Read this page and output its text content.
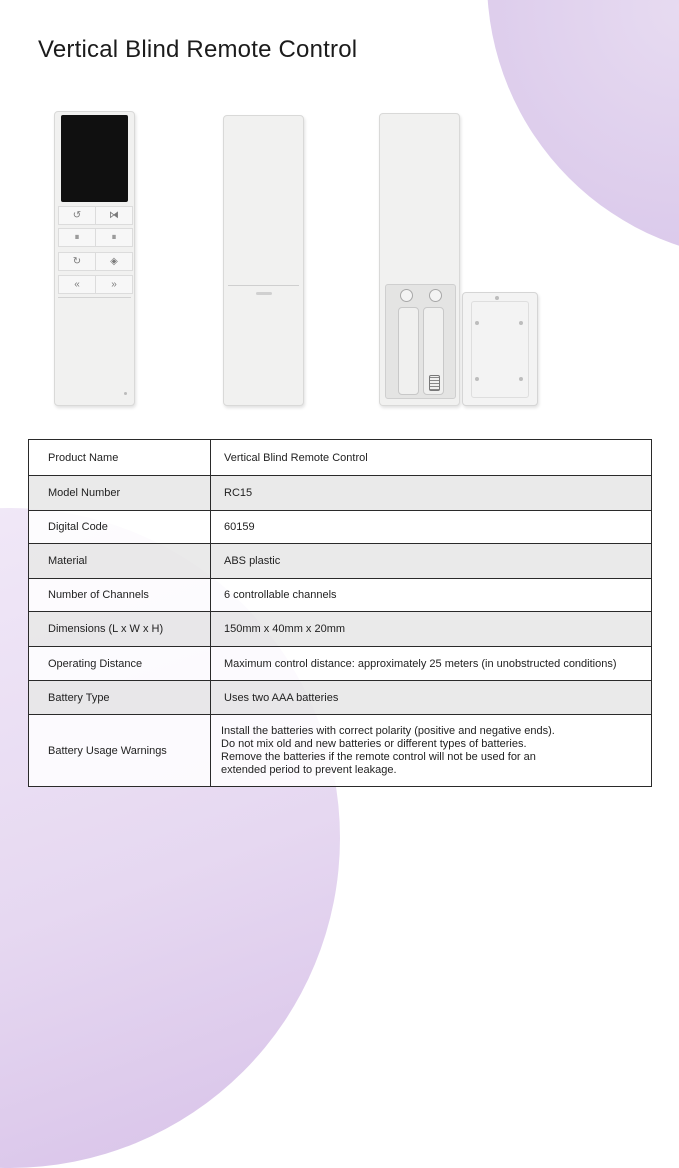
Vertical Blind Remote Control
↺	⧒
⏸	⏸
↻	◈
«	»
Product Name	Vertical Blind Remote Control
Model Number	RC15
Digital Code	60159
Material	ABS plastic
Number of Channels	6 controllable channels
Dimensions (L x W x H)	150mm x 40mm x 20mm
Operating Distance	Maximum control distance: approximately 25 meters (in unobstructed conditions)
Battery Type	Uses two AAA batteries
Battery Usage Warnings	Install the batteries with correct polarity (positive and negative ends).
Do not mix old and new batteries or different types of batteries.
Remove the batteries if the remote control will not be used for an
extended period to prevent leakage.
